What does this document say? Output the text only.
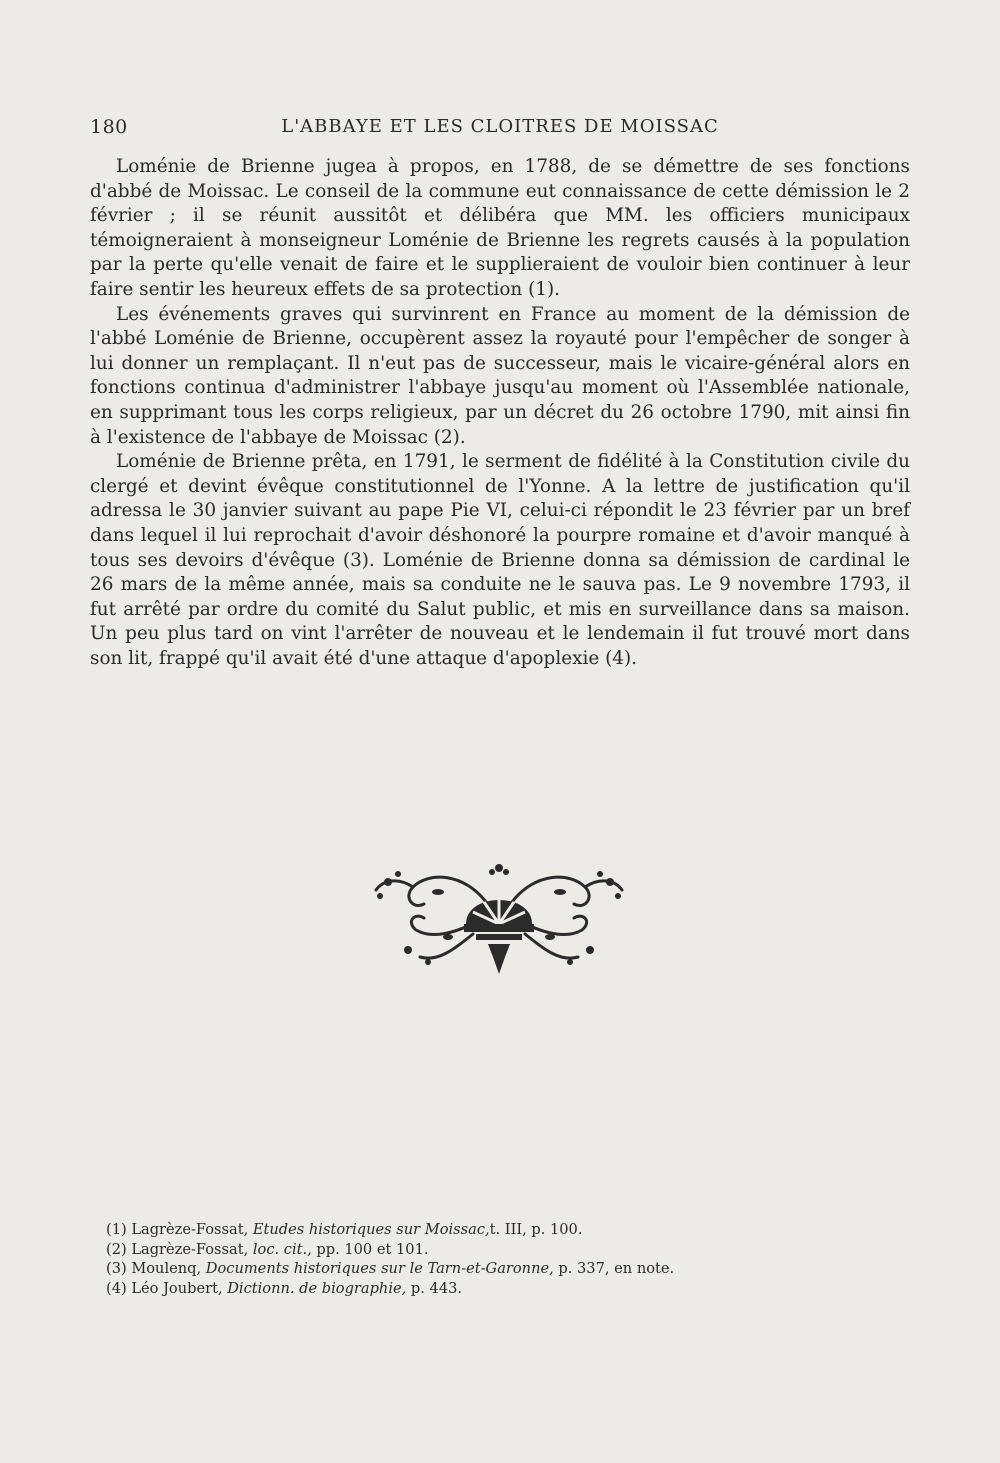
180	L'ABBAYE ET LES CLOITRES DE MOISSAC

Loménie de Brienne jugea à propos, en 1788, de se démettre de ses fonctions d'abbé de Moissac. Le conseil de la commune eut connaissance de cette démission le 2 février ; il se réunit aussitôt et délibéra que MM. les officiers municipaux témoigneraient à monseigneur Loménie de Brienne les regrets causés à la population par la perte qu'elle venait de faire et le supplieraient de vouloir bien continuer à leur faire sentir les heureux effets de sa protection (1).

Les événements graves qui survinrent en France au moment de la démission de l'abbé Loménie de Brienne, occupèrent assez la royauté pour l'empêcher de songer à lui donner un remplaçant. Il n'eut pas de successeur, mais le vicaire-général alors en fonctions continua d'administrer l'abbaye jusqu'au moment où l'Assemblée nationale, en supprimant tous les corps religieux, par un décret du 26 octobre 1790, mit ainsi fin à l'existence de l'abbaye de Moissac (2).

Loménie de Brienne prêta, en 1791, le serment de fidélité à la Constitution civile du clergé et devint évêque constitutionnel de l'Yonne. A la lettre de justification qu'il adressa le 30 janvier suivant au pape Pie VI, celui-ci répondit le 23 février par un bref dans lequel il lui reprochait d'avoir déshonoré la pourpre romaine et d'avoir manqué à tous ses devoirs d'évêque (3). Loménie de Brienne donna sa démission de cardinal le 26 mars de la même année, mais sa conduite ne le sauva pas. Le 9 novembre 1793, il fut arrêté par ordre du comité du Salut public, et mis en surveillance dans sa maison. Un peu plus tard on vint l'arrêter de nouveau et le lendemain il fut trouvé mort dans son lit, frappé qu'il avait été d'une attaque d'apoplexie (4).

(1) Lagrèze-Fossat, Etudes historiques sur Moissac,t. III, p. 100.

(2) Lagrèze-Fossat, loc. cit., pp. 100 et 101.

(3) Moulenq, Documents historiques sur le Tarn-et-Garonne, p. 337, en note.

(4) Léo Joubert, Dictionn. de biographie, p. 443.
